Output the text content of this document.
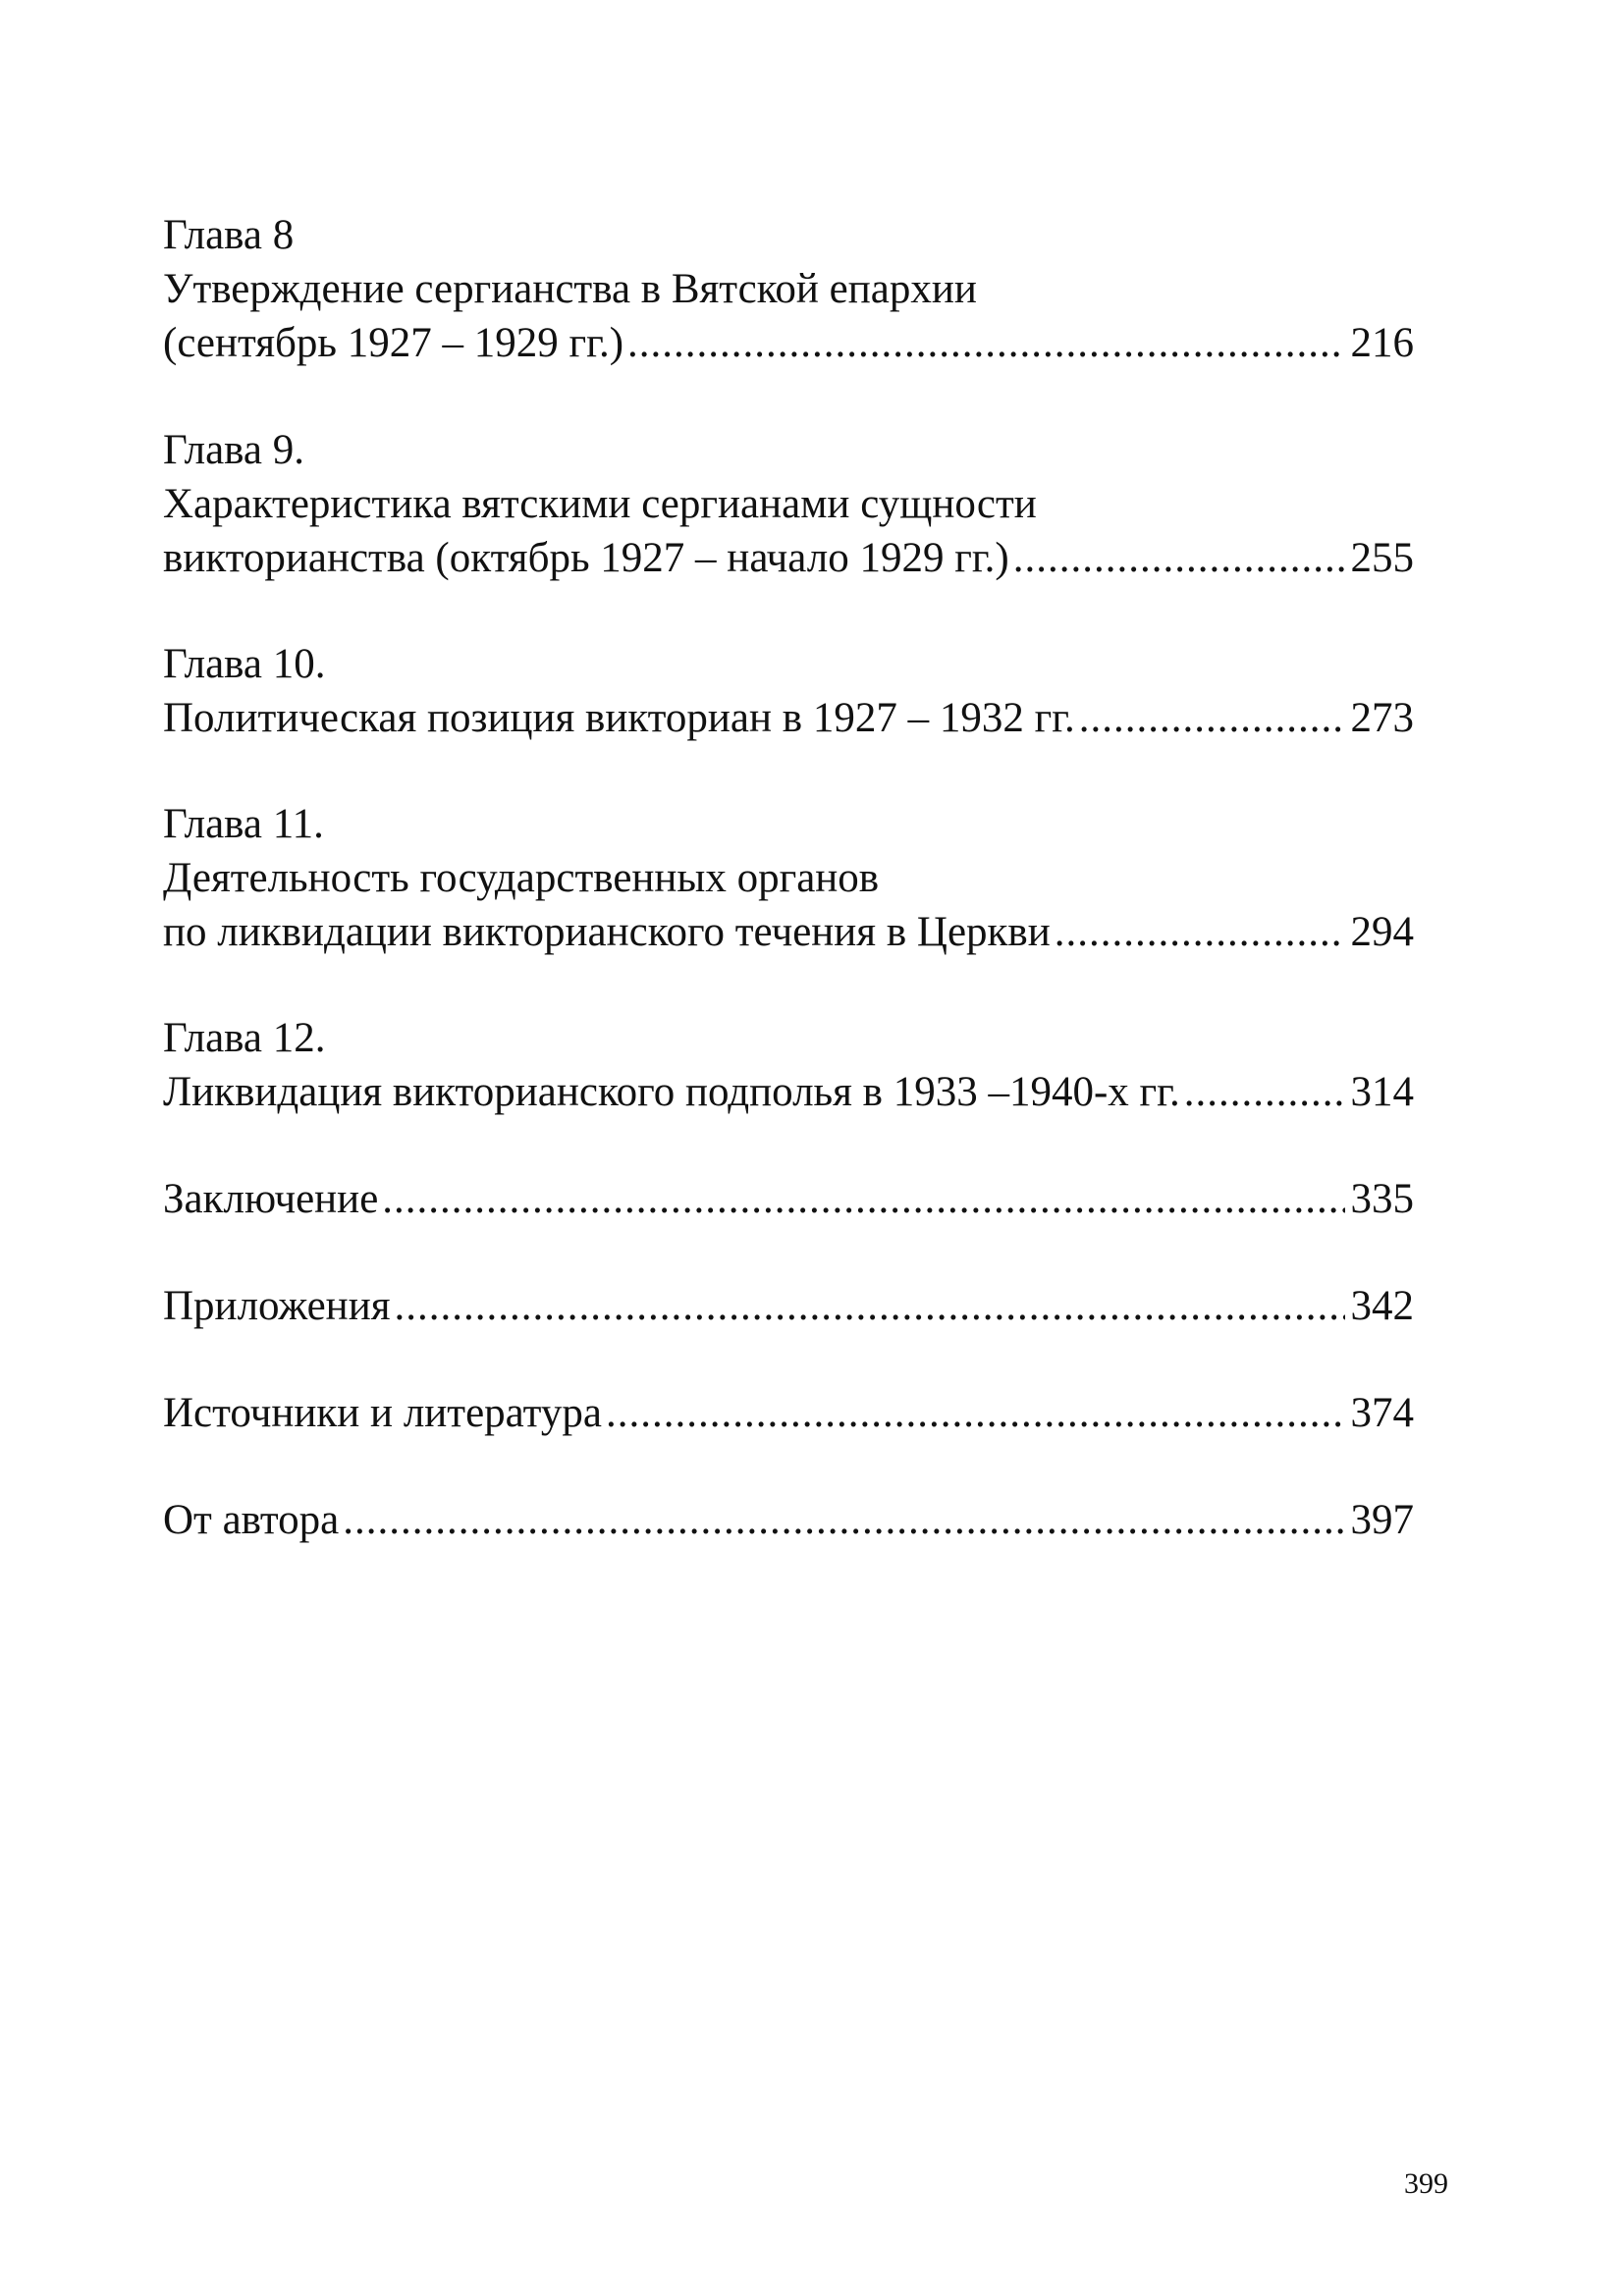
Глава 8
Утверждение сергианства в Вятской епархии
(сентябрь 1927 – 1929 гг.) .....	216
Глава 9.
Характеристика вятскими сергианами сущности
викторианства (октябрь 1927 – начало 1929 гг.) .....	255
Глава 10.
Политическая позиция викториан в 1927 – 1932 гг. .....	273
Глава 11.
Деятельность государственных органов
по ликвидации викторианского течения в Церкви .....	294
Глава 12.
Ликвидация викторианского подполья в 1933 –1940-х гг. .....	314
Заключение .....	335
Приложения .....	342
Источники и литература .....	374
От автора .....	397
399
